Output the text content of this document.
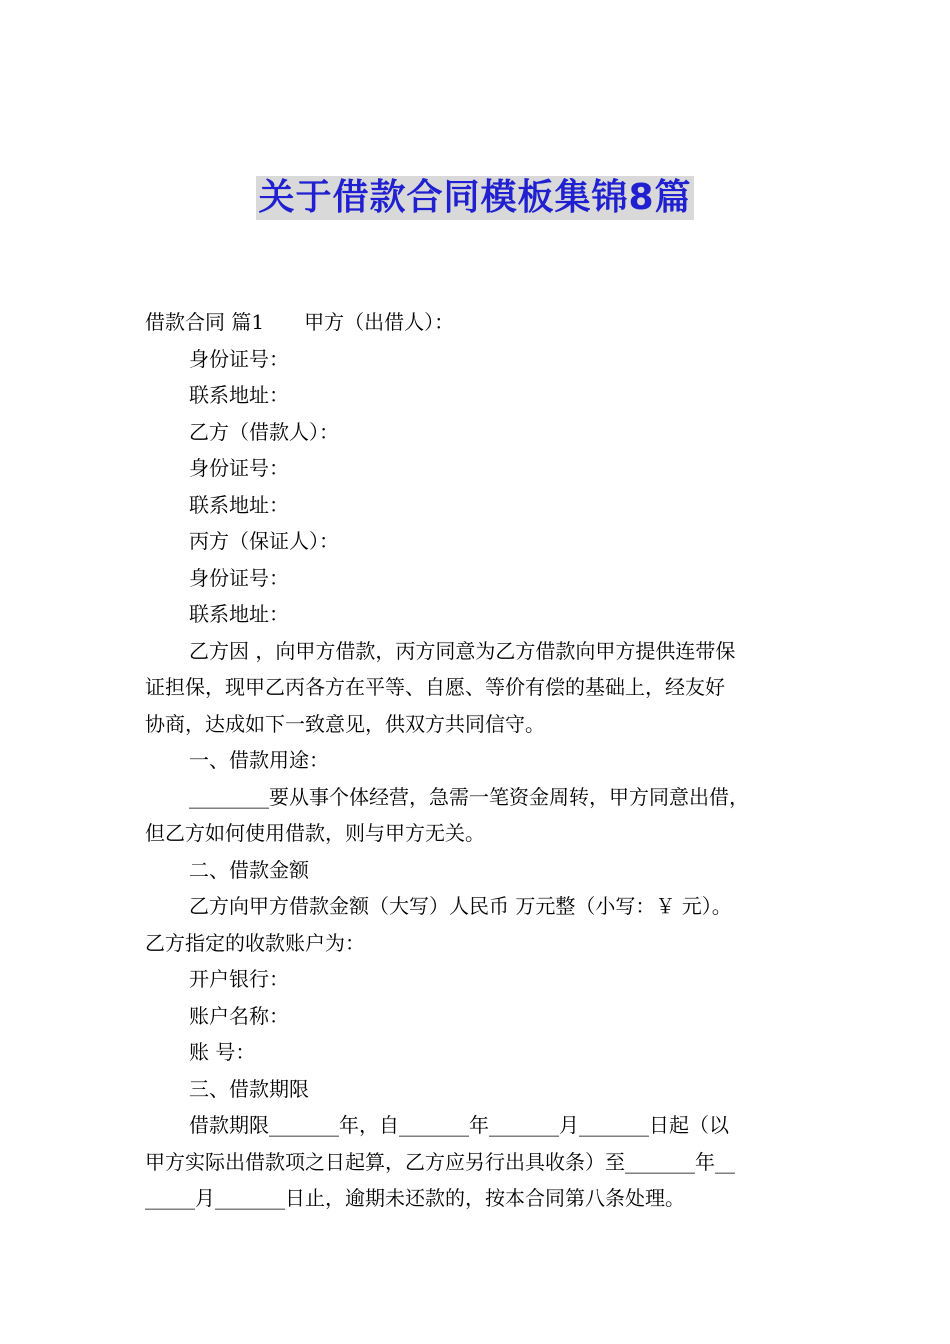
关于借款合同模板集锦8篇
借款合同 篇1 甲方（出借人）：
身份证号：
联系地址：
乙方（借款人）：
身份证号：
联系地址：
丙方（保证人）：
身份证号：
联系地址：
乙方因 ，向甲方借款，丙方同意为乙方借款向甲方提供连带保
证担保，现甲乙丙各方在平等、自愿、等价有偿的基础上，经友好
协商，达成如下一致意见，供双方共同信守。
一、借款用途：
________要从事个体经营，急需一笔资金周转，甲方同意出借，
但乙方如何使用借款，则与甲方无关。
二、借款金额
乙方向甲方借款金额（大写）人民币 万元整（小写：￥ 元）。
乙方指定的收款账户为：
开户银行：
账户名称：
账 号：
三、借款期限
借款期限_______年，自_______年_______月_______日起（以
甲方实际出借款项之日起算，乙方应另行出具收条）至_______年__
_____月_______日止，逾期未还款的，按本合同第八条处理。
